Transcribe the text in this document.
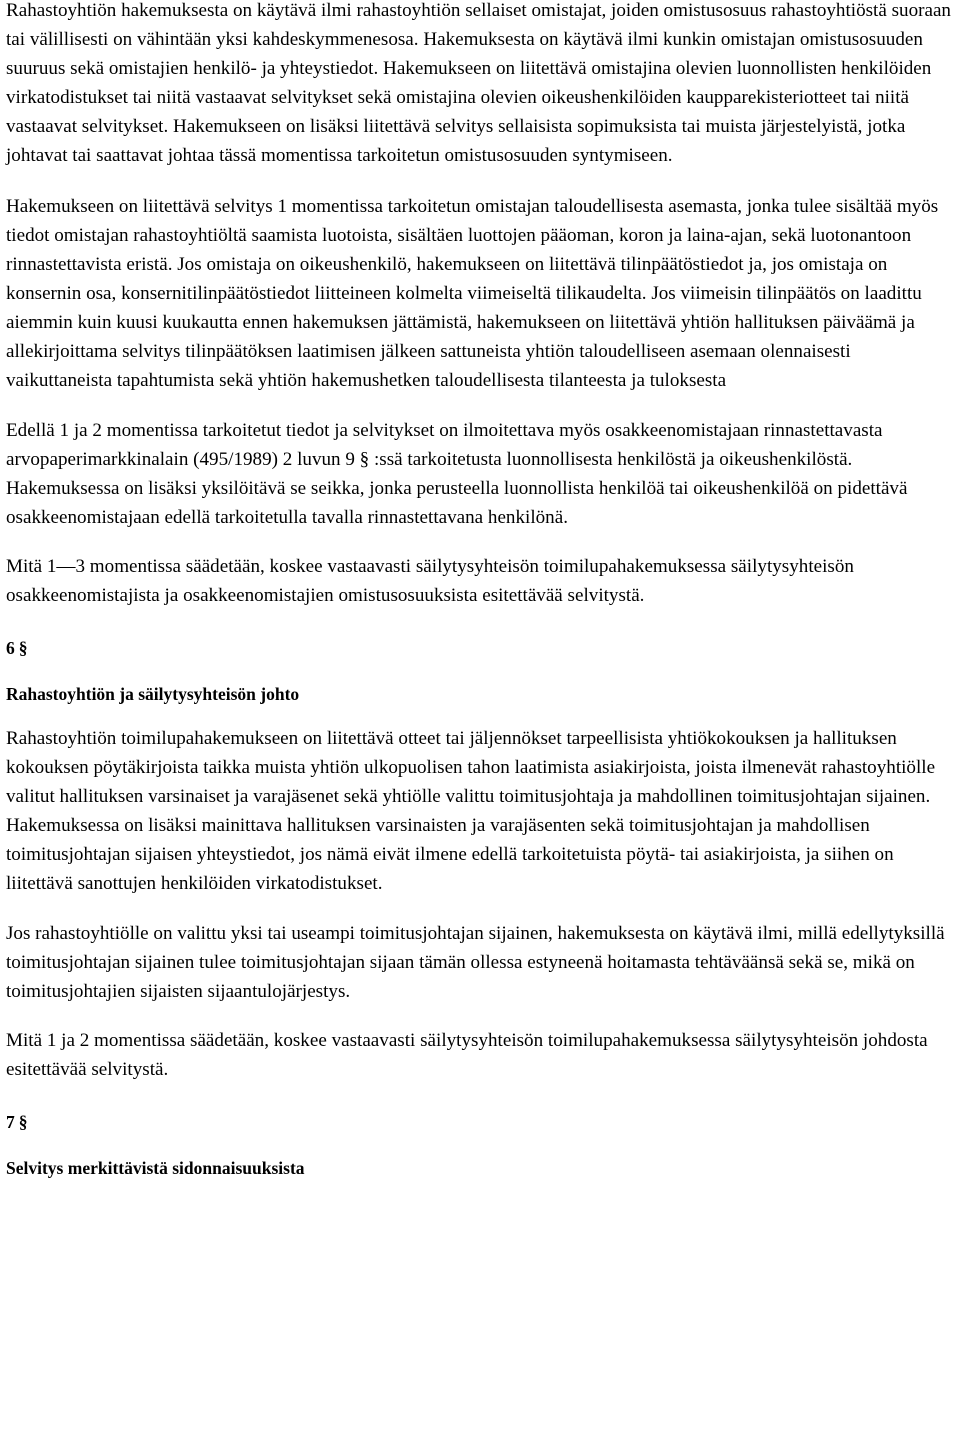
Rahastoyhtiön hakemuksesta on käytävä ilmi rahastoyhtiön sellaiset omistajat, joiden omistusosuus rahastoyhtiöstä suoraan tai välillisesti on vähintään yksi kahdeskymmenesosa. Hakemuksesta on käytävä ilmi kunkin omistajan omistusosuuden suuruus sekä omistajien henkilö- ja yhteystiedot. Hakemukseen on liitettävä omistajina olevien luonnollisten henkilöiden virkatodistukset tai niitä vastaavat selvitykset sekä omistajina olevien oikeushenkilöiden kaupparekisteriotteet tai niitä vastaavat selvitykset. Hakemukseen on lisäksi liitettävä selvitys sellaisista sopimuksista tai muista järjestelyistä, jotka johtavat tai saattavat johtaa tässä momentissa tarkoitetun omistusosuuden syntymiseen.

Hakemukseen on liitettävä selvitys 1 momentissa tarkoitetun omistajan taloudellisesta asemasta, jonka tulee sisältää myös tiedot omistajan rahastoyhtiöltä saamista luotoista, sisältäen luottojen pääoman, koron ja laina-ajan, sekä luotonantoon rinnastettavista eristä. Jos omistaja on oikeushenkilö, hakemukseen on liitettävä tilinpäätöstiedot ja, jos omistaja on konsernin osa, konsernitilinpäätöstiedot liitteineen kolmelta viimeiseltä tilikaudelta. Jos viimeisin tilinpäätös on laadittu aiemmin kuin kuusi kuukautta ennen hakemuksen jättämistä, hakemukseen on liitettävä yhtiön hallituksen päiväämä ja allekirjoittama selvitys tilinpäätöksen laatimisen jälkeen sattuneista yhtiön taloudelliseen asemaan olennaisesti vaikuttaneista tapahtumista sekä yhtiön hakemushetken taloudellisesta tilanteesta ja tuloksesta

Edellä 1 ja 2 momentissa tarkoitetut tiedot ja selvitykset on ilmoitettava myös osakkeenomistajaan rinnastettavasta arvopaperimarkkinalain (495/1989) 2 luvun 9 § :ssä tarkoitetusta luonnollisesta henkilöstä ja oikeushenkilöstä. Hakemuksessa on lisäksi yksilöitävä se seikka, jonka perusteella luonnollista henkilöä tai oikeushenkilöä on pidettävä osakkeenomistajaan edellä tarkoitetulla tavalla rinnastettavana henkilönä.

Mitä 1—3 momentissa säädetään, koskee vastaavasti säilytysyhteisön toimilupahakemuksessa säilytysyhteisön osakkeenomistajista ja osakkeenomistajien omistusosuuksista esitettävää selvitystä.

6 §

Rahastoyhtiön ja säilytysyhteisön johto

Rahastoyhtiön toimilupahakemukseen on liitettävä otteet tai jäljennökset tarpeellisista yhtiökokouksen ja hallituksen kokouksen pöytäkirjoista taikka muista yhtiön ulkopuolisen tahon laatimista asiakirjoista, joista ilmenevät rahastoyhtiölle valitut hallituksen varsinaiset ja varajäsenet sekä yhtiölle valittu toimitusjohtaja ja mahdollinen toimitusjohtajan sijainen. Hakemuksessa on lisäksi mainittava hallituksen varsinaisten ja varajäsenten sekä toimitusjohtajan ja mahdollisen toimitusjohtajan sijaisen yhteystiedot, jos nämä eivät ilmene edellä tarkoitetuista pöytä- tai asiakirjoista, ja siihen on liitettävä sanottujen henkilöiden virkatodistukset.

Jos rahastoyhtiölle on valittu yksi tai useampi toimitusjohtajan sijainen, hakemuksesta on käytävä ilmi, millä edellytyksillä toimitusjohtajan sijainen tulee toimitusjohtajan sijaan tämän ollessa estyneenä hoitamasta tehtäväänsä sekä se, mikä on toimitusjohtajien sijaisten sijaantulojärjestys.

Mitä 1 ja 2 momentissa säädetään, koskee vastaavasti säilytysyhteisön toimilupahakemuksessa säilytysyhteisön johdosta esitettävää selvitystä.

7 §

Selvitys merkittävistä sidonnaisuuksista
